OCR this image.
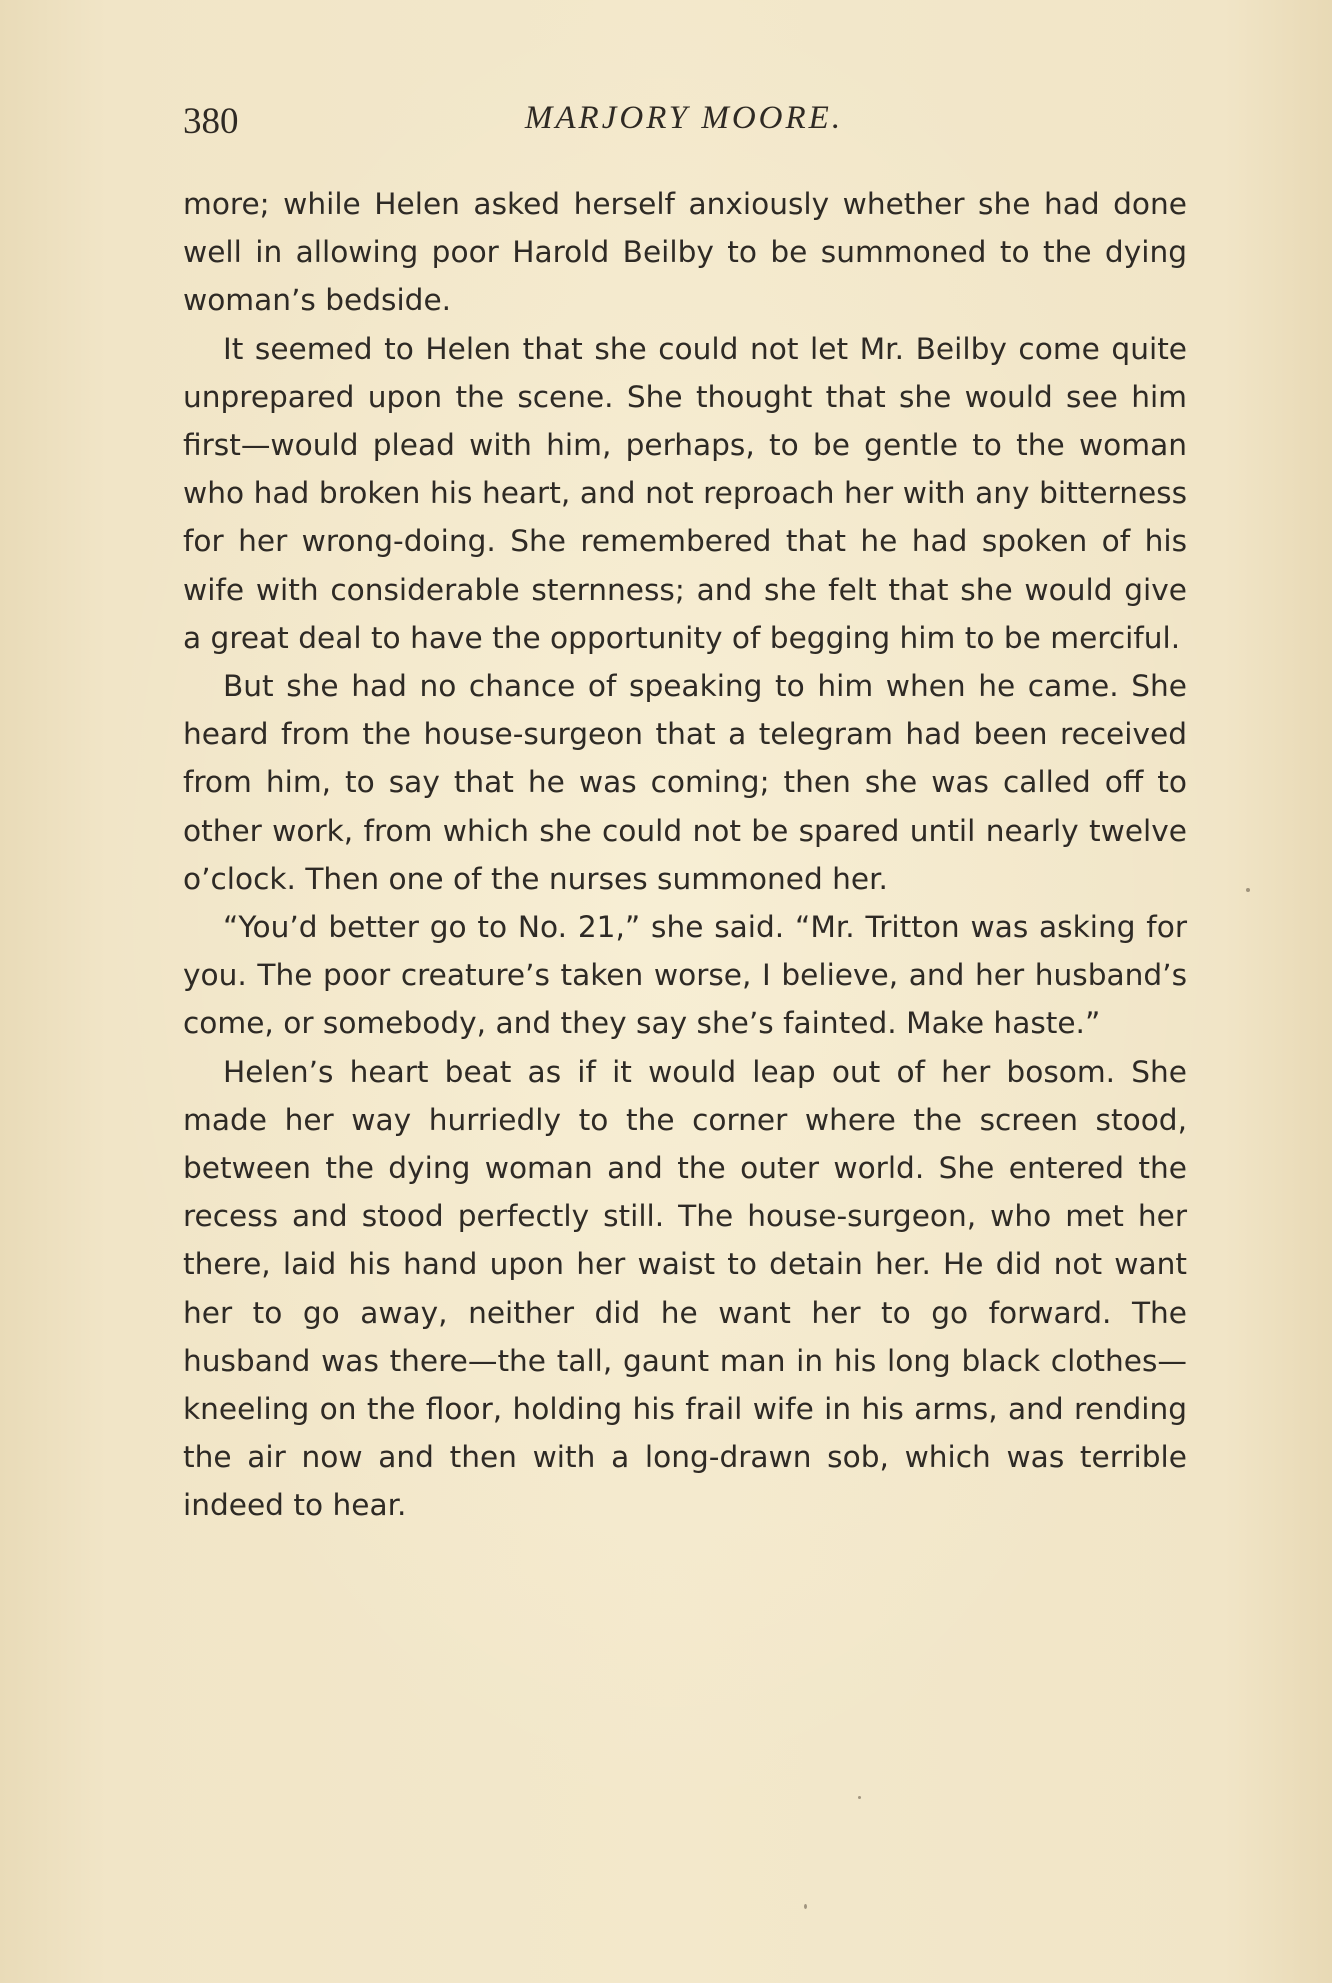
380	MARJORY MOORE.

more; while Helen asked herself anxiously whether she had done well in allowing poor Harold Beilby to be summoned to the dying woman’s bedside.

It seemed to Helen that she could not let Mr. Beilby come quite unprepared upon the scene. She thought that she would see him first—would plead with him, perhaps, to be gentle to the woman who had broken his heart, and not reproach her with any bitterness for her wrong-doing. She remembered that he had spoken of his wife with considerable sternness; and she felt that she would give a great deal to have the opportunity of begging him to be merciful.

But she had no chance of speaking to him when he came. She heard from the house-surgeon that a telegram had been received from him, to say that he was coming; then she was called off to other work, from which she could not be spared until nearly twelve o’clock. Then one of the nurses summoned her.

“You’d better go to No. 21,” she said. “Mr. Tritton was asking for you. The poor creature’s taken worse, I believe, and her husband’s come, or somebody, and they say she’s fainted. Make haste.”

Helen’s heart beat as if it would leap out of her bosom. She made her way hurriedly to the corner where the screen stood, between the dying woman and the outer world. She entered the recess and stood perfectly still. The house-surgeon, who met her there, laid his hand upon her waist to detain her. He did not want her to go away, neither did he want her to go forward. The husband was there—the tall, gaunt man in his long black clothes—kneeling on the floor, holding his frail wife in his arms, and rending the air now and then with a long-drawn sob, which was terrible indeed to hear.
